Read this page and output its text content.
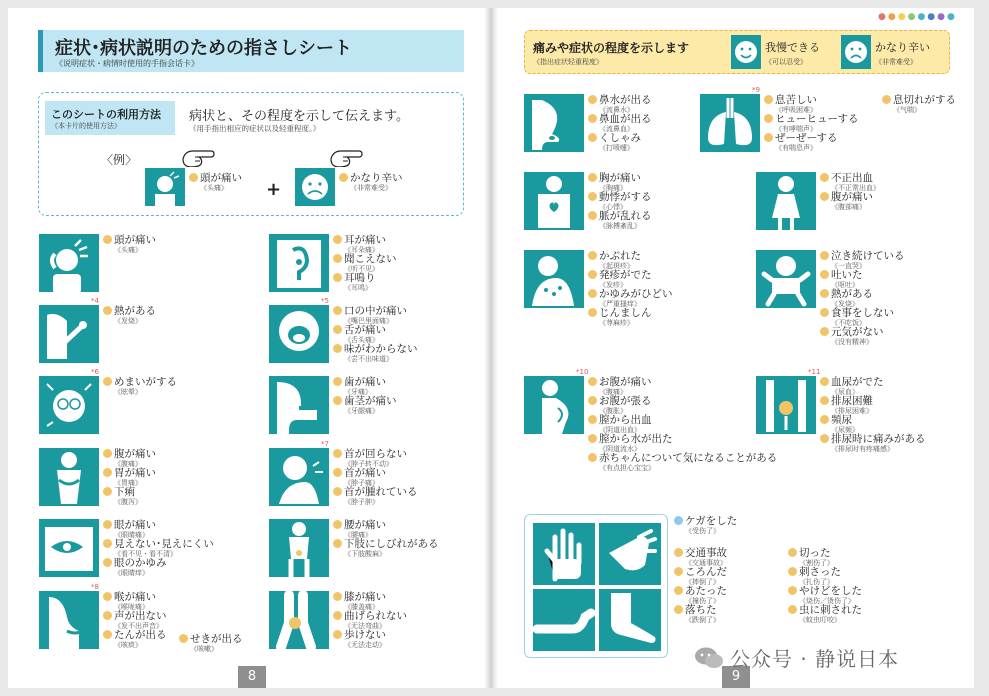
症状･病状説明のための指さしシート
《说明症状・病情时使用的手指会话卡》
このシートの利用方法
《本卡片的使用方法》
病状と、その程度を示して伝えます。
《用手指出相应的症状以及轻重程度。》
〈例〉
頭が痛い
《头痛》	+
かなり辛い
《非常难受》
頭が痛い
《头痛》
耳が痛い
《耳朵痛》
聞こえない
《听不见》
耳鳴り
《耳鸣》
*4
熱がある
《发烧》
*5
口の中が痛い
《嘴巴里面痛》
舌が痛い
《舌头痛》
味がわからない
《尝不出味道》
*6
めまいがする
《眩晕》
歯が痛い
《牙痛》
歯茎が痛い
《牙龈痛》
腹が痛い
《腹痛》
胃が痛い
《胃痛》
下痢
《腹泻》
*7
首が回らない
《脖子转不动》
首が痛い
《脖子痛》
首が腫れている
《脖子肿》
眼が痛い
《眼睛痛》
見えない･見えにくい
《看不见・看不清》
眼のかゆみ
《眼睛痒》
腰が痛い
《腰痛》
下肢にしびれがある
《下肢酸麻》
*8
喉が痛い
《喉咙痛》
声が出ない
《发不出声音》
たんが出る
《咳痰》	せきが出る
《咳嗽》
膝が痛い
《膝盖痛》
曲げられない
《无法弯曲》
歩けない
《无法走动》
8
●●●●●●●●
痛みや症状の程度を示します
《指出症状轻重程度》
我慢できる
《可以忍受》
かなり辛い
《非常难受》
鼻水が出る
《流鼻水》
鼻血が出る
《流鼻血》
くしゃみ
《打喷嚏》
*9
息苦しい
《呼吸困难》
ヒューヒューする
《有哮喘声》
ぜーぜーする
《有喘息声》
息切れがする
《气喘》
胸が痛い
《胸痛》
動悸がする
《心悸》
脈が乱れる
《脉搏紊乱》
不正出血
《不正常出血》
腹が痛い
《腹部痛》
かぶれた
《起斑疹》
発疹がでた
《发疹》
かゆみがひどい
《严重搔痒》
じんましん
《荨麻疹》
泣き続けている
《一直哭》
吐いた
《呕吐》
熱がある
《发烧》
食事をしない
《不吃饭》
元気がない
《没有精神》
*10
お腹が痛い
《腹痛》
お腹が張る
《腹胀》
膣から出血
《阴道出血》
膣から水が出た
《阴道流水》
赤ちゃんについて気になることがある
《有点担心宝宝》
*11
血尿がでた
《尿血》
排尿困難
《排尿困难》
頻尿
《尿频》
排尿時に痛みがある
《排尿时有疼痛感》
ケガをした
《受伤了》
交通事故
《交通事故》
ころんだ
《摔倒了》
あたった
《撞伤了》
落ちた
《跌倒了》
切った
《割伤了》
刺さった
《扎伤了》
やけどをした
《烧伤／烫伤了》
虫に刺された
《蚊虫叮咬》
9
公众号 · 静说日本
